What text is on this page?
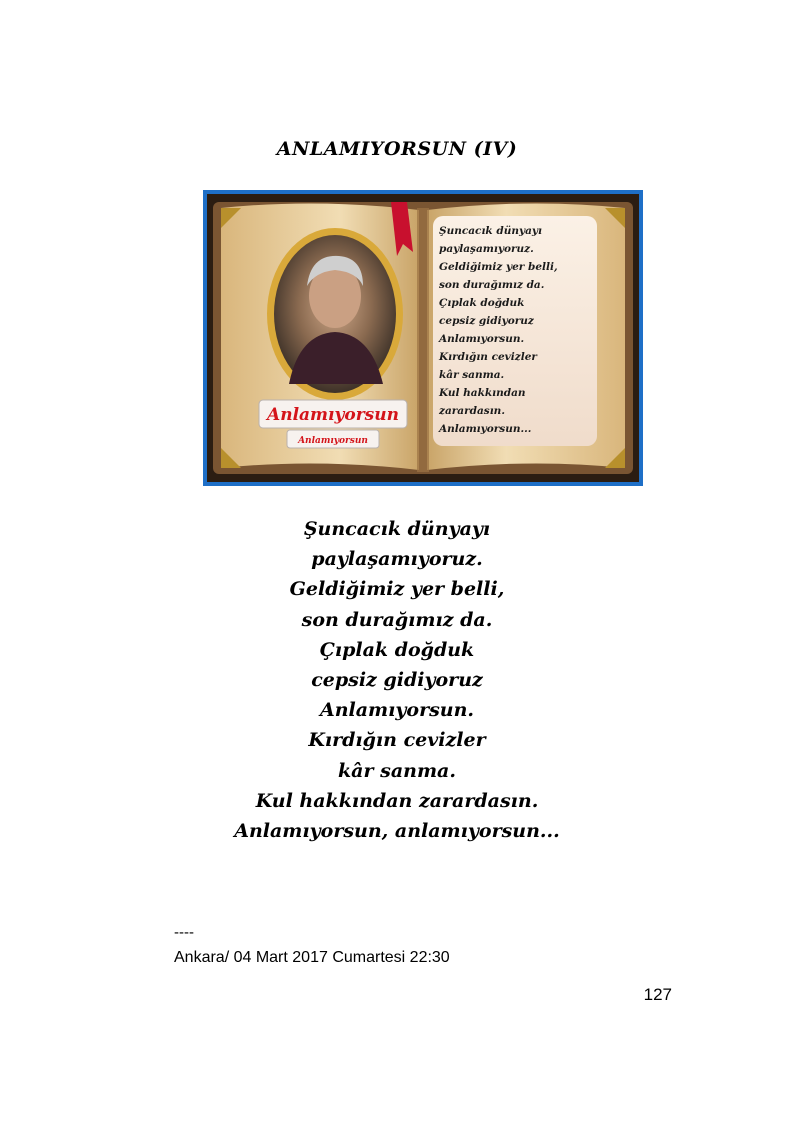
ANLAMIYORSUN (IV)
Anlamıyorsun
Anlamıyorsun
Şuncacık dünyayı
paylaşamıyoruz.
Geldiğimiz yer belli,
son durağımız da.
Çıplak doğduk
cepsiz gidiyoruz
Anlamıyorsun.
Kırdığın cevizler
kâr sanma.
Kul hakkından
zarardasın.
Anlamıyorsun...
Şuncacık dünyayı
paylaşamıyoruz.
Geldiğimiz yer belli,
son durağımız da.
Çıplak doğduk
cepsiz gidiyoruz
Anlamıyorsun.
Kırdığın cevizler
kâr sanma.
Kul hakkından zarardasın.
Anlamıyorsun, anlamıyorsun...
----
Ankara/ 04 Mart 2017 Cumartesi 22:30
127
